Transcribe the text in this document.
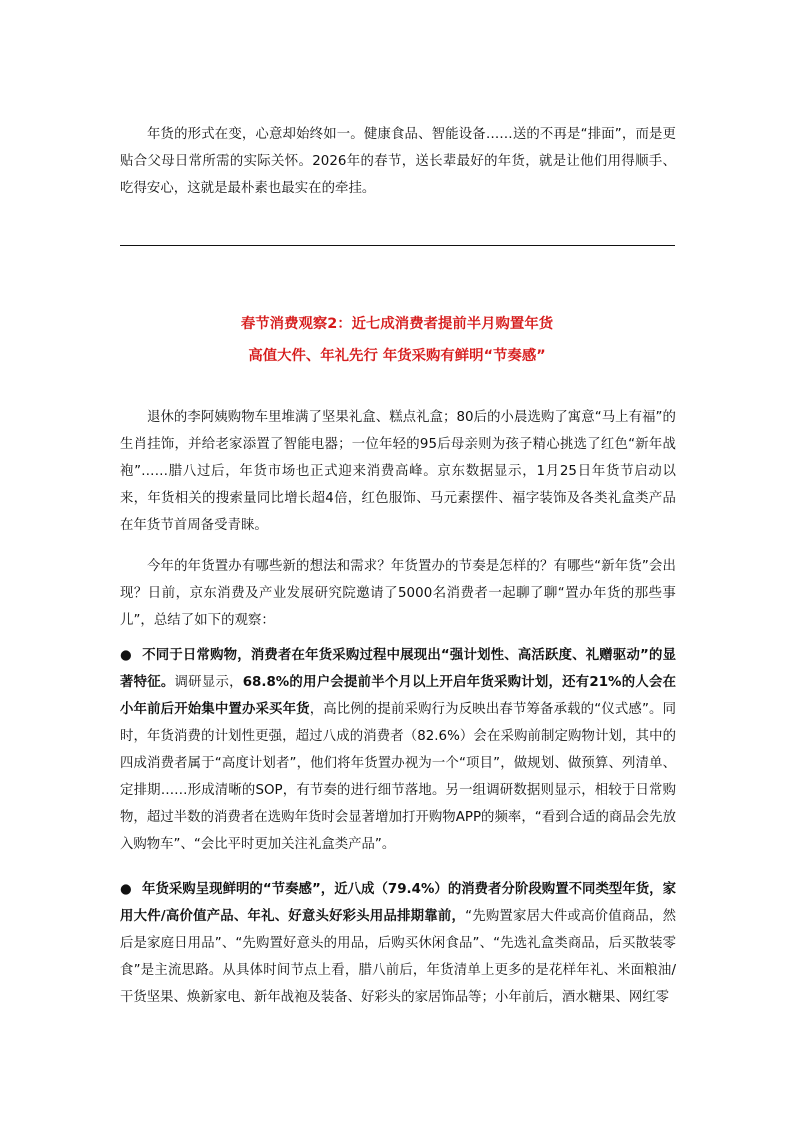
年货的形式在变，心意却始终如一。健康食品、智能设备……送的不再是“排面”，而是更贴合父母日常所需的实际关怀。2026年的春节，送长辈最好的年货，就是让他们用得顺手、吃得安心，这就是最朴素也最实在的牵挂。

春节消费观察2：近七成消费者提前半月购置年货
高值大件、年礼先行 年货采购有鲜明“节奏感”

退休的李阿姨购物车里堆满了坚果礼盒、糕点礼盒；80后的小晨选购了寓意“马上有福”的生肖挂饰，并给老家添置了智能电器；一位年轻的95后母亲则为孩子精心挑选了红色“新年战袍”……腊八过后，年货市场也正式迎来消费高峰。京东数据显示，1月25日年货节启动以来，年货相关的搜索量同比增长超4倍，红色服饰、马元素摆件、福字装饰及各类礼盒类产品在年货节首周备受青睐。

今年的年货置办有哪些新的想法和需求？年货置办的节奏是怎样的？有哪些“新年货”会出现？日前，京东消费及产业发展研究院邀请了5000名消费者一起聊了聊“置办年货的那些事儿”，总结了如下的观察：

● 不同于日常购物，消费者在年货采购过程中展现出“强计划性、高活跃度、礼赠驱动”的显著特征。调研显示，68.8%的用户会提前半个月以上开启年货采购计划，还有21%的人会在小年前后开始集中置办采买年货，高比例的提前采购行为反映出春节筹备承载的“仪式感”。同时，年货消费的计划性更强，超过八成的消费者（82.6%）会在采购前制定购物计划，其中的四成消费者属于“高度计划者”，他们将年货置办视为一个“项目”，做规划、做预算、列清单、定排期……形成清晰的SOP，有节奏的进行细节落地。另一组调研数据则显示，相较于日常购物，超过半数的消费者在选购年货时会显著增加打开购物APP的频率，“看到合适的商品会先放入购物车”、“会比平时更加关注礼盒类产品”。

● 年货采购呈现鲜明的“节奏感”，近八成（79.4%）的消费者分阶段购置不同类型年货，家用大件/高价值产品、年礼、好意头好彩头用品排期靠前，“先购置家居大件或高价值商品，然后是家庭日用品”、“先购置好意头的用品，后购买休闲食品”、“先选礼盒类商品，后买散装零食”是主流思路。从具体时间节点上看，腊八前后，年货清单上更多的是花样年礼、米面粮油/干货坚果、焕新家电、新年战袍及装备、好彩头的家居饰品等；小年前后，酒水糖果、网红零
